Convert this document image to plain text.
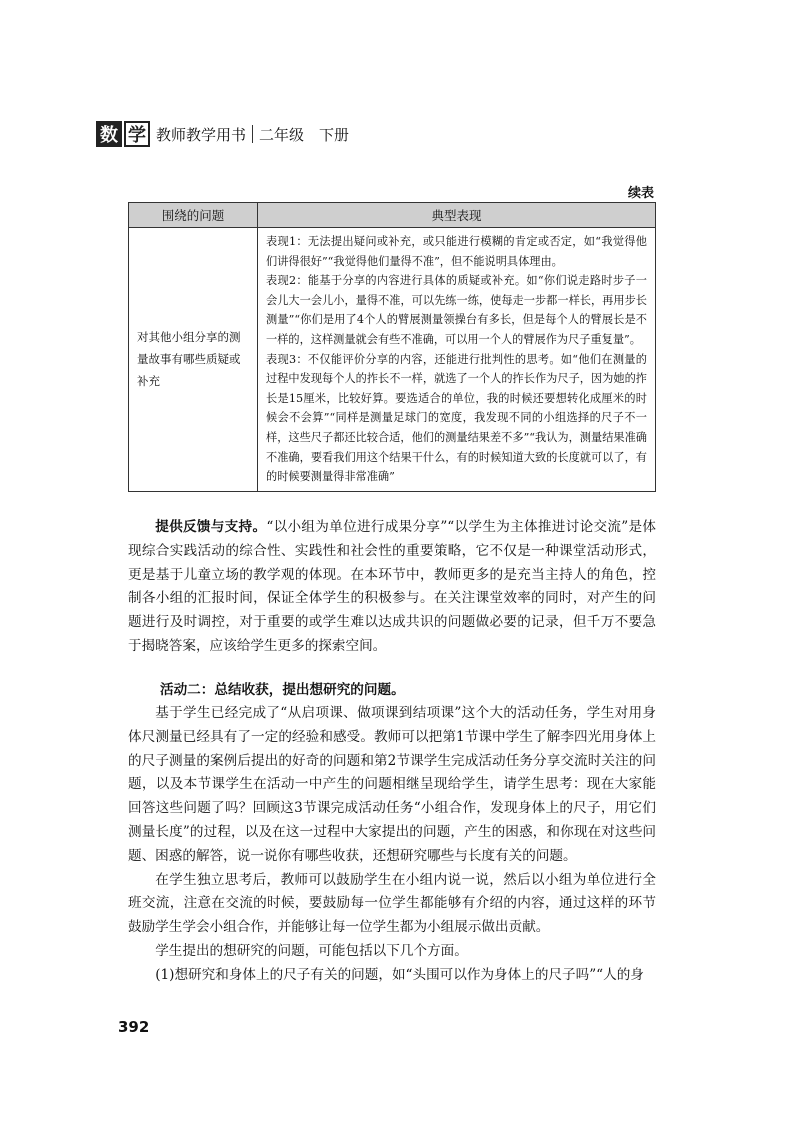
数 学 教师教学用书 二年级　下册
续表
围绕的问题	典型表现
对其他小组分享的测量故事有哪些质疑或补充	表现1：无法提出疑问或补充，或只能进行模糊的肯定或否定，如“我觉得他们讲得很好”“我觉得他们量得不准”，但不能说明具体理由。

表现2：能基于分享的内容进行具体的质疑或补充。如“你们说走路时步子一会儿大一会儿小，量得不准，可以先练一练，使每走一步都一样长，再用步长测量”“你们是用了4个人的臂展测量领操台有多长，但是每个人的臂展长是不一样的，这样测量就会有些不准确，可以用一个人的臂展作为尺子重复量”。

表现3：不仅能评价分享的内容，还能进行批判性的思考。如“他们在测量的过程中发现每个人的拃长不一样，就选了一个人的拃长作为尺子，因为她的拃长是15厘米，比较好算。要选适合的单位，我的时候还要想转化成厘米的时候会不会算”“同样是测量足球门的宽度，我发现不同的小组选择的尺子不一样，这些尺子都还比较合适，他们的测量结果差不多”“我认为，测量结果准确不准确，要看我们用这个结果干什么，有的时候知道大致的长度就可以了，有的时候要测量得非常准确”

提供反馈与支持。“以小组为单位进行成果分享”“以学生为主体推进讨论交流”是体现综合实践活动的综合性、实践性和社会性的重要策略，它不仅是一种课堂活动形式，更是基于儿童立场的教学观的体现。在本环节中，教师更多的是充当主持人的角色，控制各小组的汇报时间，保证全体学生的积极参与。在关注课堂效率的同时，对产生的问题进行及时调控，对于重要的或学生难以达成共识的问题做必要的记录，但千万不要急于揭晓答案，应该给学生更多的探索空间。

活动二：总结收获，提出想研究的问题。

基于学生已经完成了“从启项课、做项课到结项课”这个大的活动任务，学生对用身体尺测量已经具有了一定的经验和感受。教师可以把第1节课中学生了解李四光用身体上的尺子测量的案例后提出的好奇的问题和第2节课学生完成活动任务分享交流时关注的问题，以及本节课学生在活动一中产生的问题相继呈现给学生，请学生思考：现在大家能回答这些问题了吗？回顾这3节课完成活动任务“小组合作，发现身体上的尺子，用它们测量长度”的过程，以及在这一过程中大家提出的问题，产生的困惑，和你现在对这些问题、困惑的解答，说一说你有哪些收获，还想研究哪些与长度有关的问题。

在学生独立思考后，教师可以鼓励学生在小组内说一说，然后以小组为单位进行全班交流，注意在交流的时候，要鼓励每一位学生都能够有介绍的内容，通过这样的环节鼓励学生学会小组合作，并能够让每一位学生都为小组展示做出贡献。

学生提出的想研究的问题，可能包括以下几个方面。

(1)想研究和身体上的尺子有关的问题，如“头围可以作为身体上的尺子吗”“人的身

392
